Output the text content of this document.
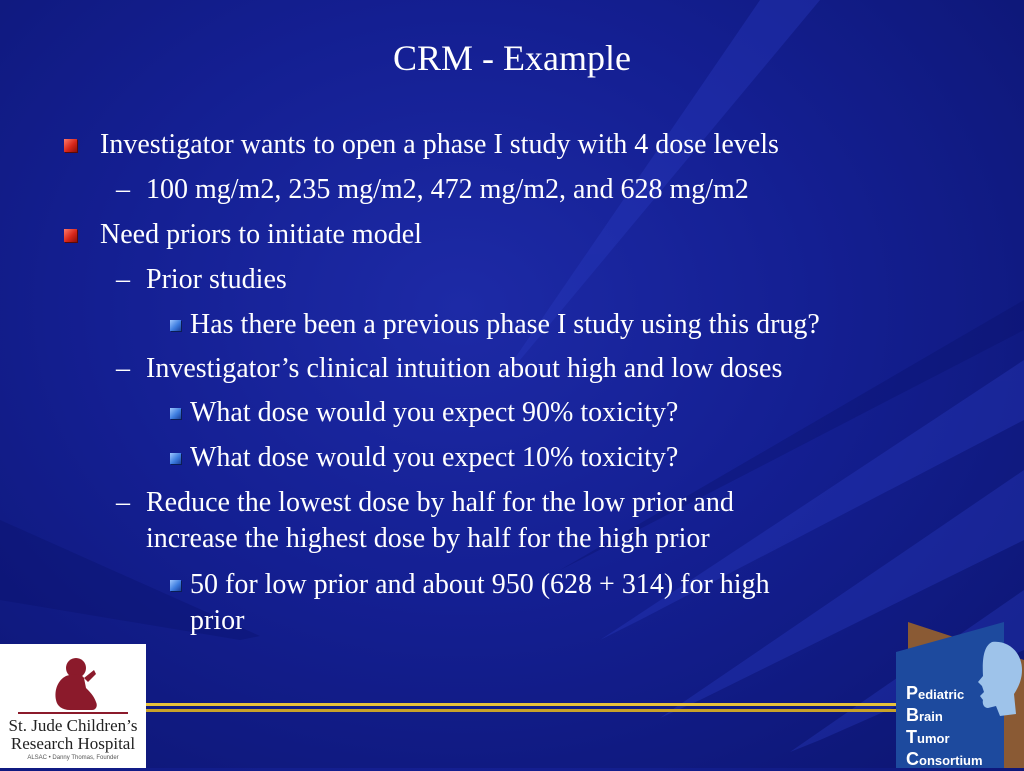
CRM - Example
Investigator wants to open a phase I study with 4 dose levels
– 100 mg/m2, 235 mg/m2, 472 mg/m2, and 628 mg/m2
Need priors to initiate model
– Prior studies
Has there been a previous phase I study using this drug?
– Investigator’s clinical intuition about high and low doses
What dose would you expect 90% toxicity?
What dose would you expect 10% toxicity?
– Reduce the lowest dose by half for the low prior and
increase the highest dose by half for the high prior
50 for low prior and about 950 (628 + 314) for high
prior
St. Jude Children’s
Research Hospital
ALSAC • Danny Thomas, Founder
Pediatric
Brain
Tumor
Consortium
